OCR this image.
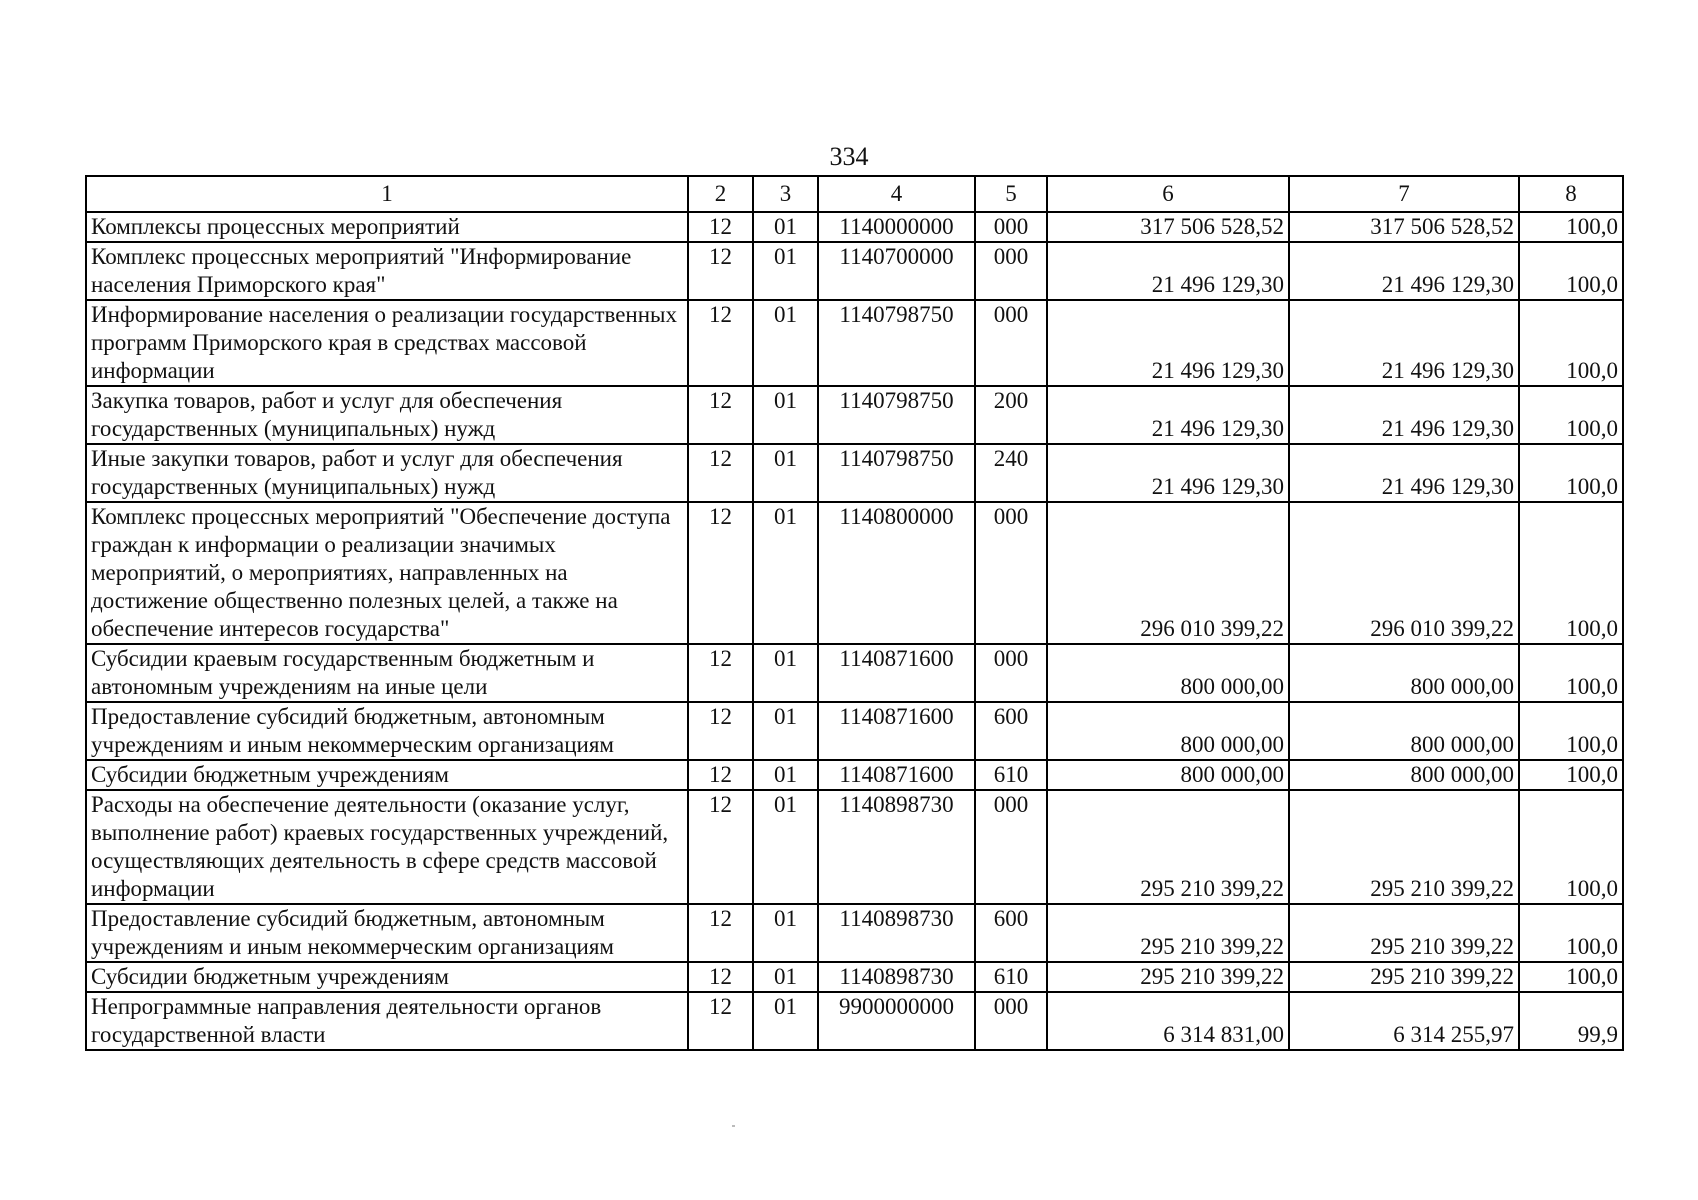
334
1	2	3	4	5	6	7	8
Комплексы процессных мероприятий	12	01	1140000000	000	317 506 528,52	317 506 528,52	100,0
Комплекс процессных мероприятий "Информирование населения Приморского края"	12	01	1140700000	000	21 496 129,30	21 496 129,30	100,0
Информирование населения о реализации государственных программ Приморского края в средствах массовой информации	12	01	1140798750	000	21 496 129,30	21 496 129,30	100,0
Закупка товаров, работ и услуг для обеспечения государственных (муниципальных) нужд	12	01	1140798750	200	21 496 129,30	21 496 129,30	100,0
Иные закупки товаров, работ и услуг для обеспечения государственных (муниципальных) нужд	12	01	1140798750	240	21 496 129,30	21 496 129,30	100,0
Комплекс процессных мероприятий "Обеспечение доступа граждан к информации о реализации значимых мероприятий, о мероприятиях, направленных на достижение общественно полезных целей, а также на обеспечение интересов государства"	12	01	1140800000	000	296 010 399,22	296 010 399,22	100,0
Субсидии краевым государственным бюджетным и автономным учреждениям на иные цели	12	01	1140871600	000	800 000,00	800 000,00	100,0
Предоставление субсидий бюджетным, автономным учреждениям и иным некоммерческим организациям	12	01	1140871600	600	800 000,00	800 000,00	100,0
Субсидии бюджетным учреждениям	12	01	1140871600	610	800 000,00	800 000,00	100,0
Расходы на обеспечение деятельности (оказание услуг, выполнение работ) краевых государственных учреждений, осуществляющих деятельность в сфере средств массовой информации	12	01	1140898730	000	295 210 399,22	295 210 399,22	100,0
Предоставление субсидий бюджетным, автономным учреждениям и иным некоммерческим организациям	12	01	1140898730	600	295 210 399,22	295 210 399,22	100,0
Субсидии бюджетным учреждениям	12	01	1140898730	610	295 210 399,22	295 210 399,22	100,0
Непрограммные направления деятельности органов государственной власти	12	01	9900000000	000	6 314 831,00	6 314 255,97	99,9
